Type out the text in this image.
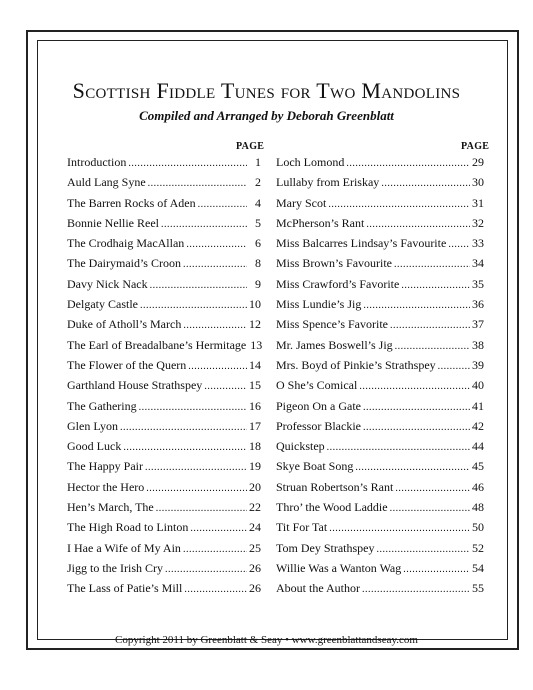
Scottish Fiddle Tunes for Two Mandolins
Compiled and Arranged by Deborah Greenblatt
PAGE	PAGE
Introduction .....	1
Auld Lang Syne .....	2
The Barren Rocks of Aden .....	4
Bonnie Nellie Reel .....	5
The Crodhaig MacAllan .....	6
The Dairymaid’s Croon .....	8
Davy Nick Nack .....	9
Delgaty Castle .....	10
Duke of Atholl’s March .....	12
The Earl of Breadalbane’s Hermitage 13
The Flower of the Quern .....	14
Garthland House Strathspey .....	15
The Gathering .....	16
Glen Lyon .....	17
Good Luck .....	18
The Happy Pair .....	19
Hector the Hero .....	20
Hen’s March, The .....	22
The High Road to Linton .....	24
I Hae a Wife of My Ain .....	25
Jigg to the Irish Cry .....	26
The Lass of Patie’s Mill .....	26
Loch Lomond .....	29
Lullaby from Eriskay .....	30
Mary Scot .....	31
McPherson’s Rant .....	32
Miss Balcarres Lindsay’s Favourite ..... 33
Miss Brown’s Favourite .....	34
Miss Crawford’s Favorite .....	35
Miss Lundie’s Jig .....	36
Miss Spence’s Favorite .....	37
Mr. James Boswell’s Jig .....	38
Mrs. Boyd of Pinkie’s Strathspey .....	39
O She’s Comical .....	40
Pigeon On a Gate .....	41
Professor Blackie .....	42
Quickstep .....	44
Skye Boat Song .....	45
Struan Robertson’s Rant .....	46
Thro’ the Wood Laddie .....	48
Tit For Tat .....	50
Tom Dey Strathspey .....	52
Willie Was a Wanton Wag .....	54
About the Author .....	55
Copyright 2011 by Greenblatt & Seay • www.greenblattandseay.com
